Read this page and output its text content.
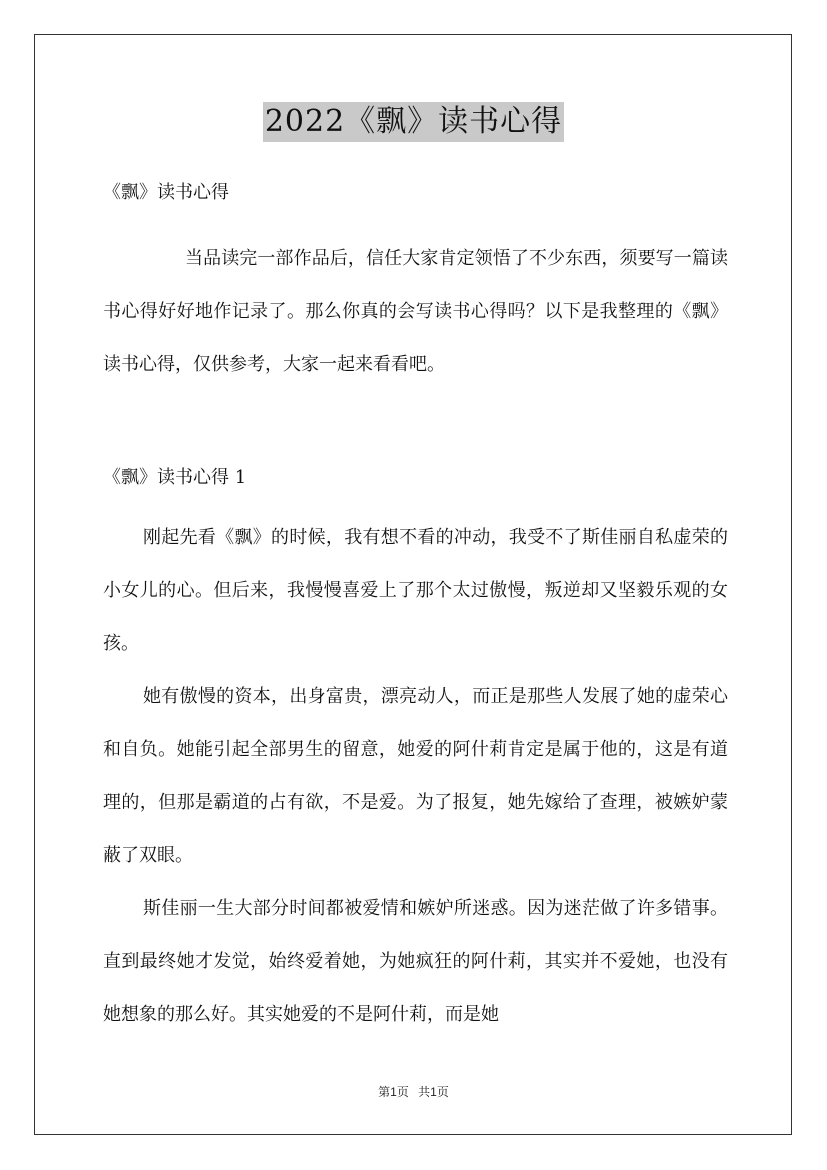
2022《飘》读书心得

《飘》读书心得

当品读完一部作品后，信任大家肯定领悟了不少东西，须要写一篇读书心得好好地作记录了。那么你真的会写读书心得吗？以下是我整理的《飘》读书心得，仅供参考，大家一起来看看吧。

《飘》读书心得 1

刚起先看《飘》的时候，我有想不看的冲动，我受不了斯佳丽自私虚荣的小女儿的心。但后来，我慢慢喜爱上了那个太过傲慢，叛逆却又坚毅乐观的女孩。

她有傲慢的资本，出身富贵，漂亮动人，而正是那些人发展了她的虚荣心和自负。她能引起全部男生的留意，她爱的阿什莉肯定是属于他的，这是有道理的，但那是霸道的占有欲，不是爱。为了报复，她先嫁给了查理，被嫉妒蒙蔽了双眼。

斯佳丽一生大部分时间都被爱情和嫉妒所迷惑。因为迷茫做了许多错事。直到最终她才发觉，始终爱着她，为她疯狂的阿什莉，其实并不爱她，也没有她想象的那么好。其实她爱的不是阿什莉，而是她

第1页 共1页
